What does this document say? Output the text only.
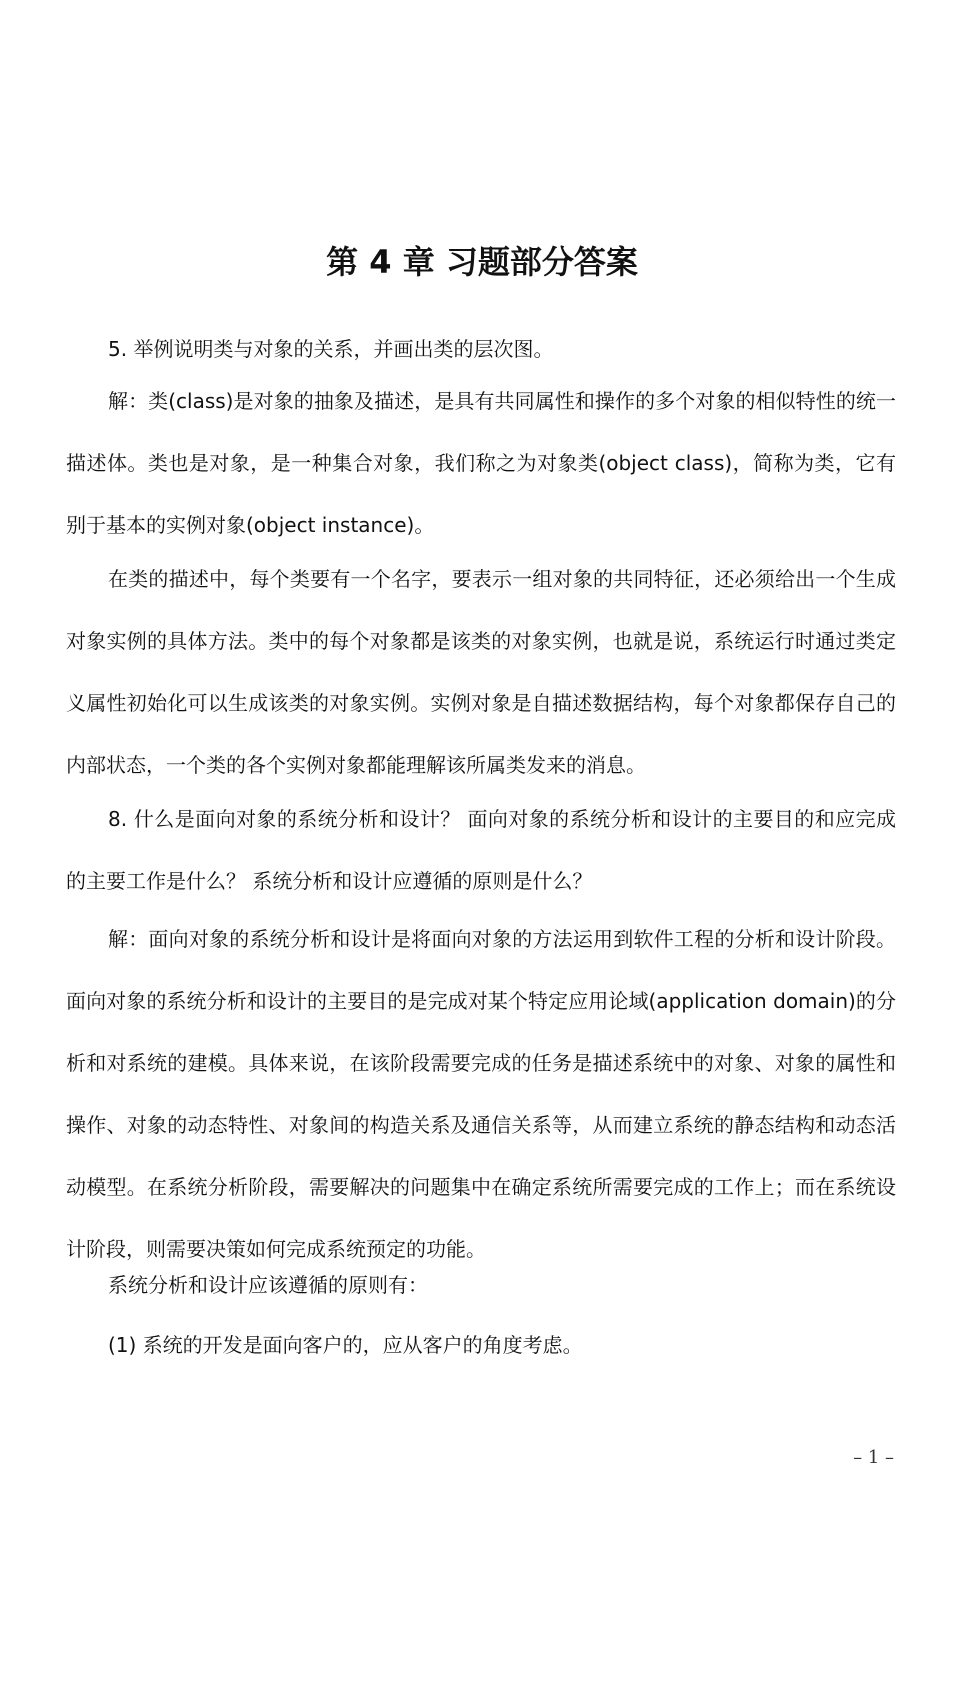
第 4 章 习题部分答案

5. 举例说明类与对象的关系，并画出类的层次图。

解：类(class)是对象的抽象及描述，是具有共同属性和操作的多个对象的相似特性的统一描述体。类也是对象，是一种集合对象，我们称之为对象类(object class)，简称为类，它有别于基本的实例对象(object instance)。

在类的描述中，每个类要有一个名字，要表示一组对象的共同特征，还必须给出一个生成对象实例的具体方法。类中的每个对象都是该类的对象实例，也就是说，系统运行时通过类定义属性初始化可以生成该类的对象实例。实例对象是自描述数据结构，每个对象都保存自己的内部状态，一个类的各个实例对象都能理解该所属类发来的消息。

8. 什么是面向对象的系统分析和设计？ 面向对象的系统分析和设计的主要目的和应完成的主要工作是什么？ 系统分析和设计应遵循的原则是什么？

解：面向对象的系统分析和设计是将面向对象的方法运用到软件工程的分析和设计阶段。面向对象的系统分析和设计的主要目的是完成对某个特定应用论域(application domain)的分析和对系统的建模。具体来说，在该阶段需要完成的任务是描述系统中的对象、对象的属性和操作、对象的动态特性、对象间的构造关系及通信关系等，从而建立系统的静态结构和动态活动模型。在系统分析阶段，需要解决的问题集中在确定系统所需要完成的工作上；而在系统设计阶段，则需要决策如何完成系统预定的功能。

系统分析和设计应该遵循的原则有：

(1) 系统的开发是面向客户的，应从客户的角度考虑。

– 1 –
